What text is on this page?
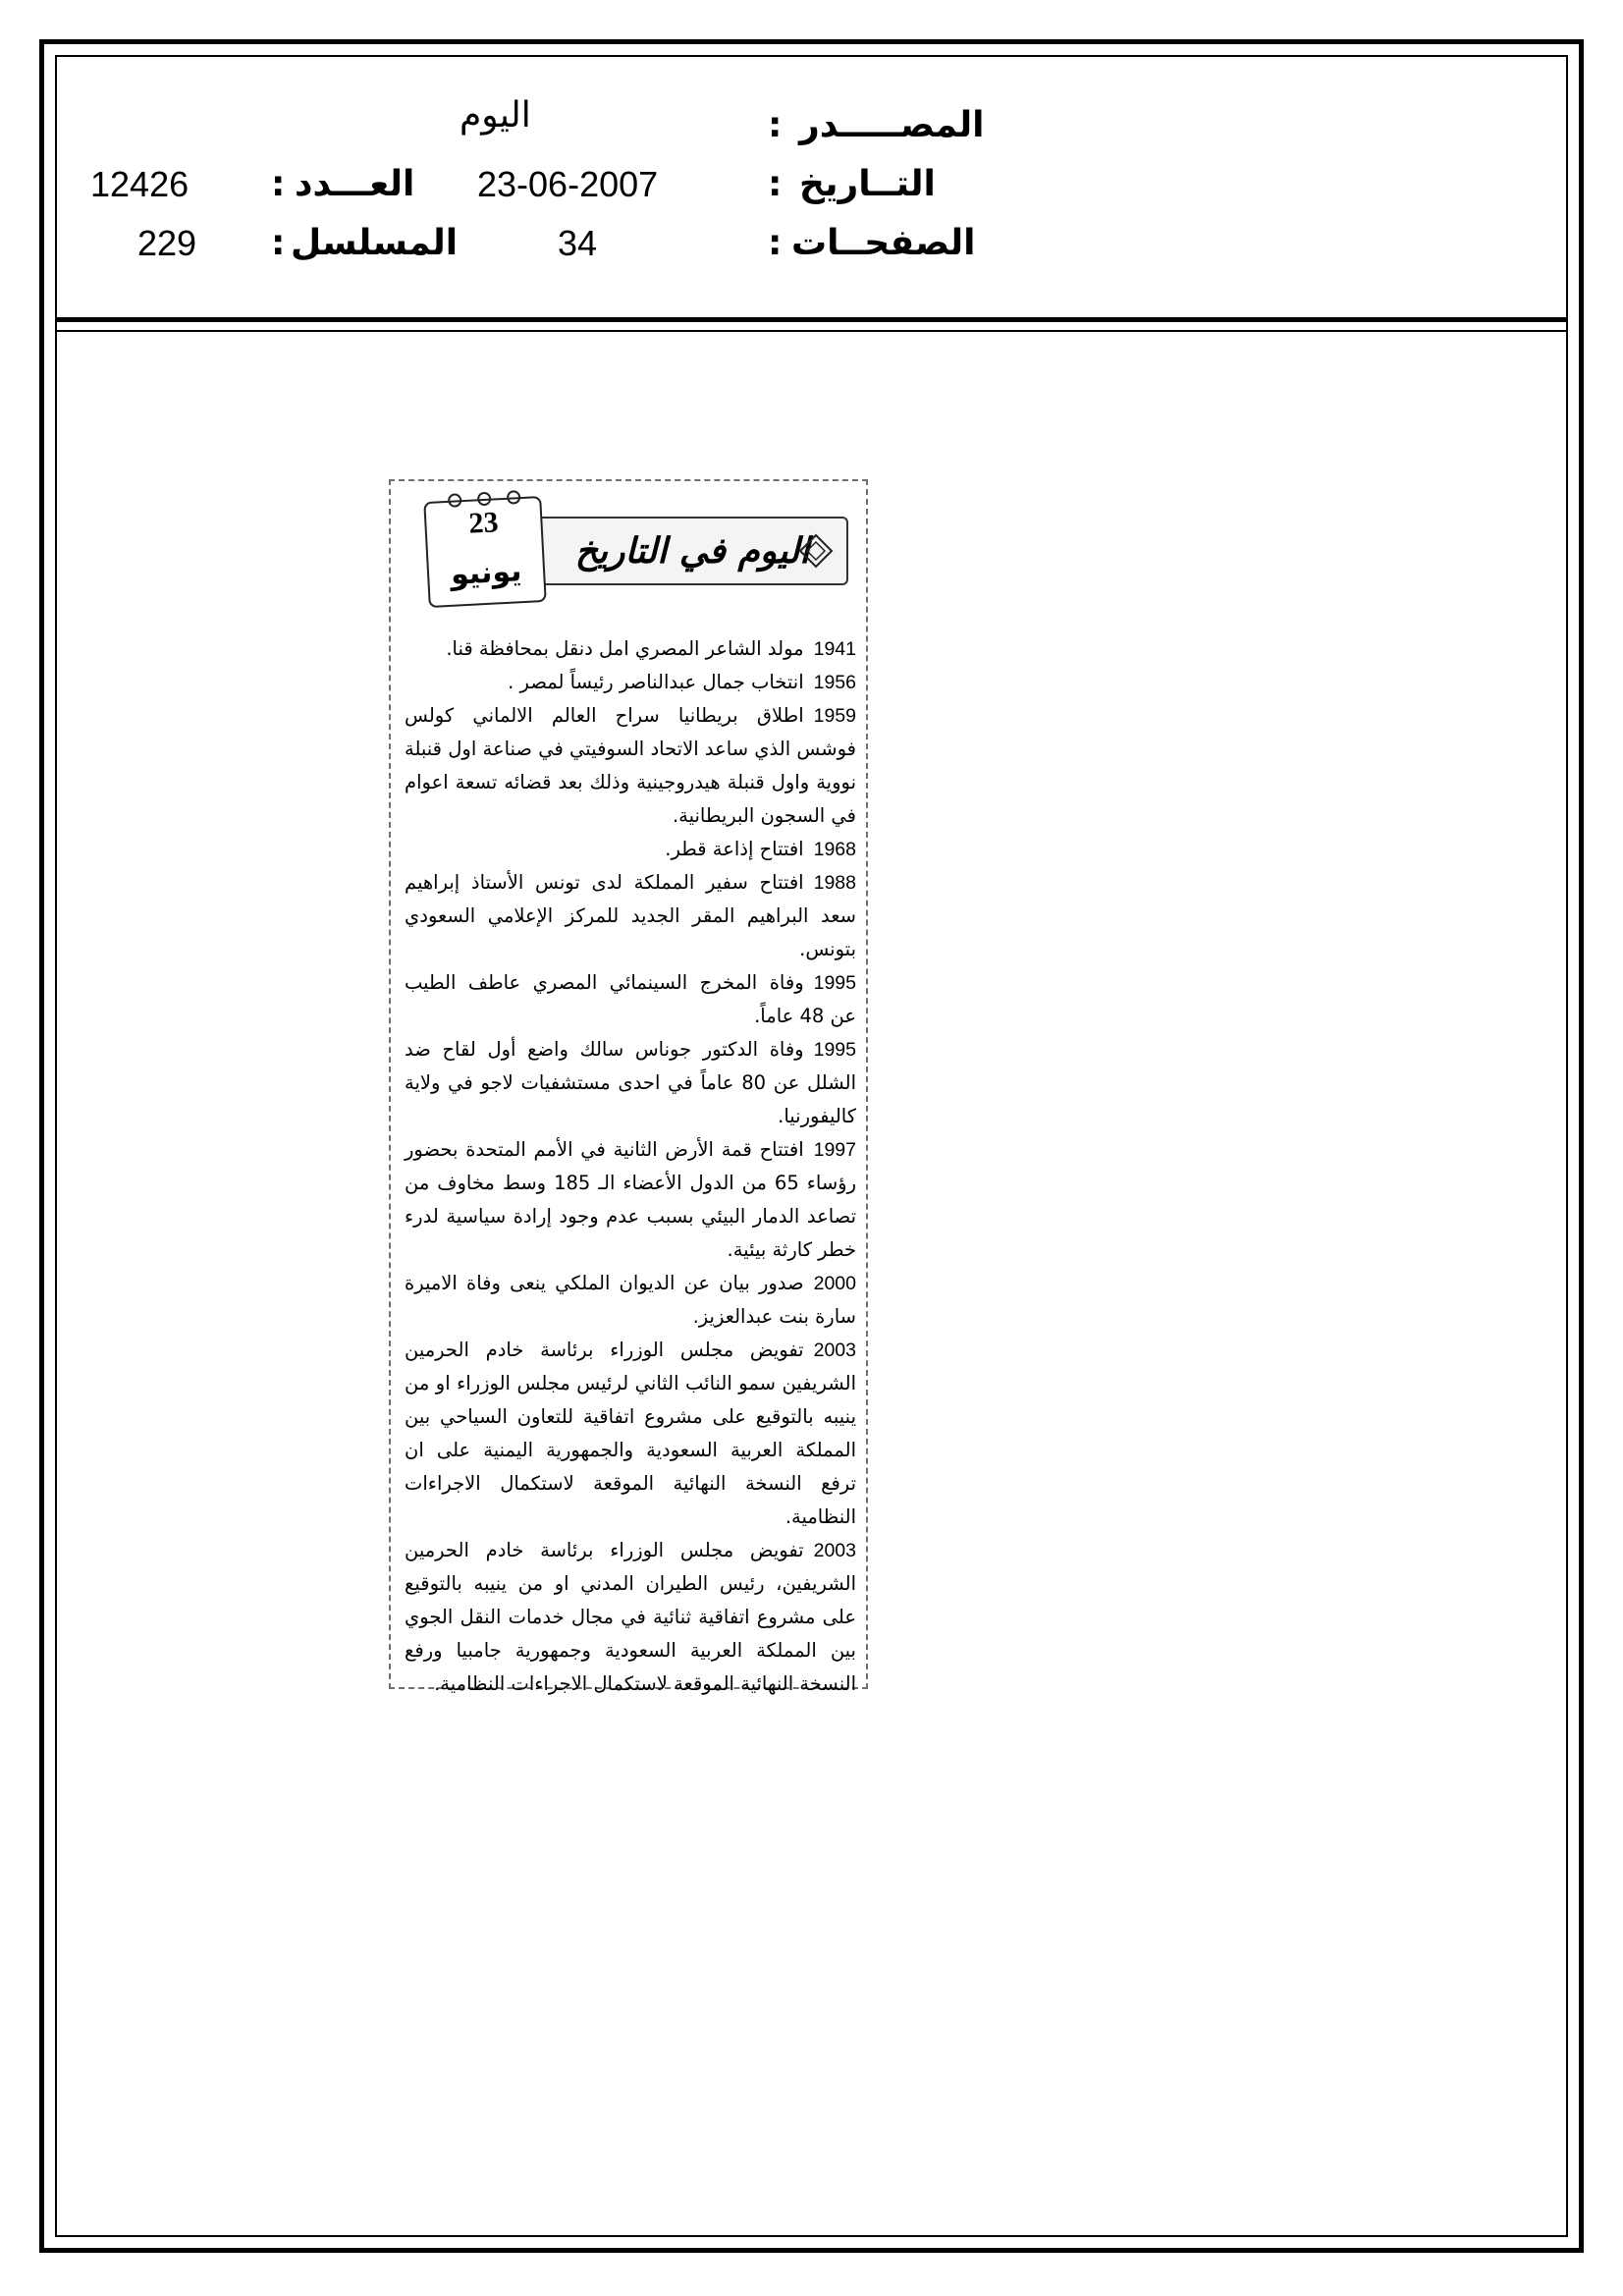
المصـــــدر
:
اليوم
التــاريخ
:
23-06-2007
العـــدد
:
12426
الصفحــات
:
34
المسلسل
:
229
اليوم في التاريخ
23
يونيو

1941مولد الشاعر المصري امل دنقل بمحافظة قنا.

1956انتخاب جمال عبدالناصر رئيساً لمصر .

1959اطلاق بريطانيا سراح العالم الالماني كولس فوشس الذي ساعد الاتحاد السوفيتي في صناعة اول قنبلة نووية واول قنبلة هيدروجينية وذلك بعد قضائه تسعة اعوام في السجون البريطانية.

1968افتتاح إذاعة قطر.

1988افتتاح سفير المملكة لدى تونس الأستاذ إبراهيم سعد البراهيم المقر الجديد للمركز الإعلامي السعودي بتونس.

1995وفاة المخرج السينمائي المصري عاطف الطيب عن 48 عاماً.

1995وفاة الدكتور جوناس سالك واضع أول لقاح ضد الشلل عن 80 عاماً في احدى مستشفيات لاجو في ولاية كاليفورنيا.

1997افتتاح قمة الأرض الثانية في الأمم المتحدة بحضور رؤساء 65 من الدول الأعضاء الـ 185 وسط مخاوف من تصاعد الدمار البيئي بسبب عدم وجود إرادة سياسية لدرء خطر كارثة بيئية.

2000صدور بيان عن الديوان الملكي ينعى وفاة الاميرة سارة بنت عبدالعزيز.

2003تفويض مجلس الوزراء برئاسة خادم الحرمين الشريفين سمو النائب الثاني لرئيس مجلس الوزراء او من ينيبه بالتوقيع على مشروع اتفاقية للتعاون السياحي بين المملكة العربية السعودية والجمهورية اليمنية على ان ترفع النسخة النهائية الموقعة لاستكمال الاجراءات النظامية.

2003تفويض مجلس الوزراء برئاسة خادم الحرمين الشريفين، رئيس الطيران المدني او من ينيبه بالتوقيع على مشروع اتفاقية ثنائية في مجال خدمات النقل الجوي بين المملكة العربية السعودية وجمهورية جامبيا ورفع النسخة النهائية الموقعة لاستكمال الاجراءات النظامية.
